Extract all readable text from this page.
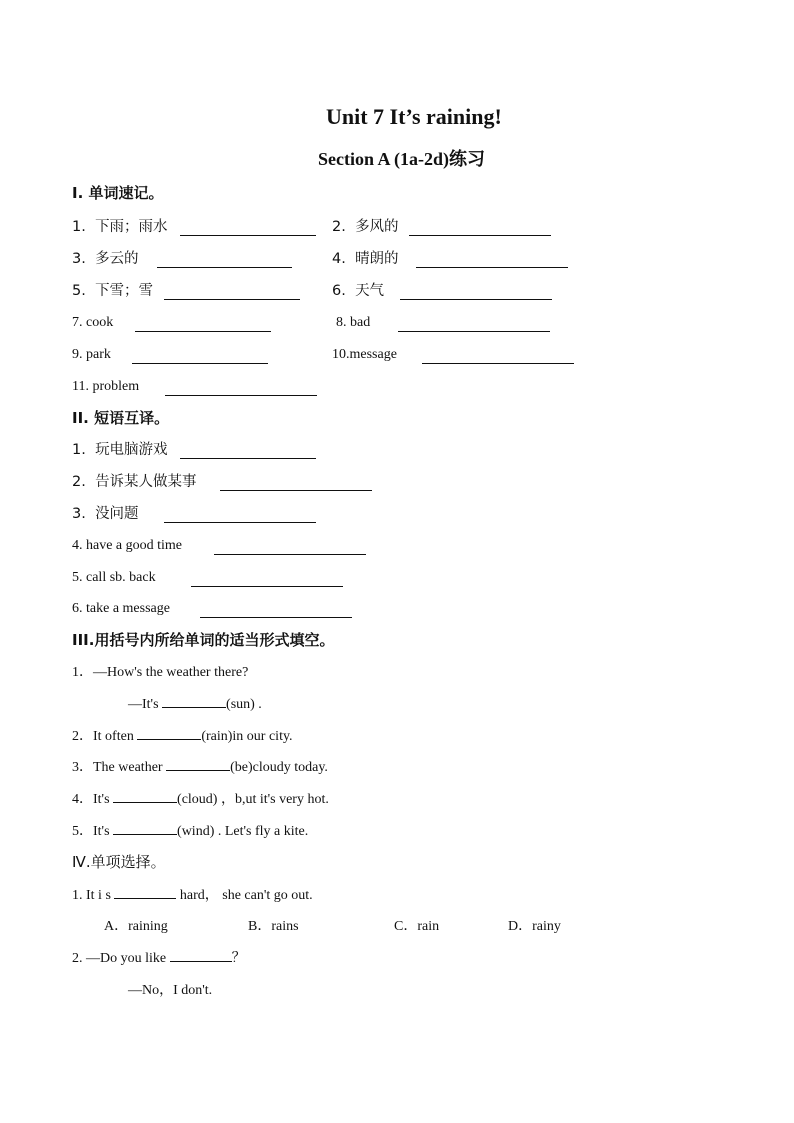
Unit 7 It’s raining!
Section A (1a-2d)练习
I. 单词速记。
1. 下雨；雨水	2. 多风的
3. 多云的	4. 晴朗的
5. 下雪；雪	6. 天气
7. cook	8. bad
9. park	10.message
11. problem
II. 短语互译。
1. 玩电脑游戏
2. 告诉某人做某事
3. 没问题
4. have a good time
5. call sb. back
6. take a message
III.用括号内所给单词的适当形式填空。
1．—How's the weather there?
—It's	(sun) .
2．It often	(rain)in our city.
3．The weather	(be)cloudy today.
4．It's	(cloud) ，b,ut it's very hot.
5．It's	(wind) . Let's fly a kite.
Ⅳ.单项选择。
1. It i s	hard， she can't go out.
A．raining	B．rains	C．rain	D．rainy
2. —Do you like	？
—No，I don't.
